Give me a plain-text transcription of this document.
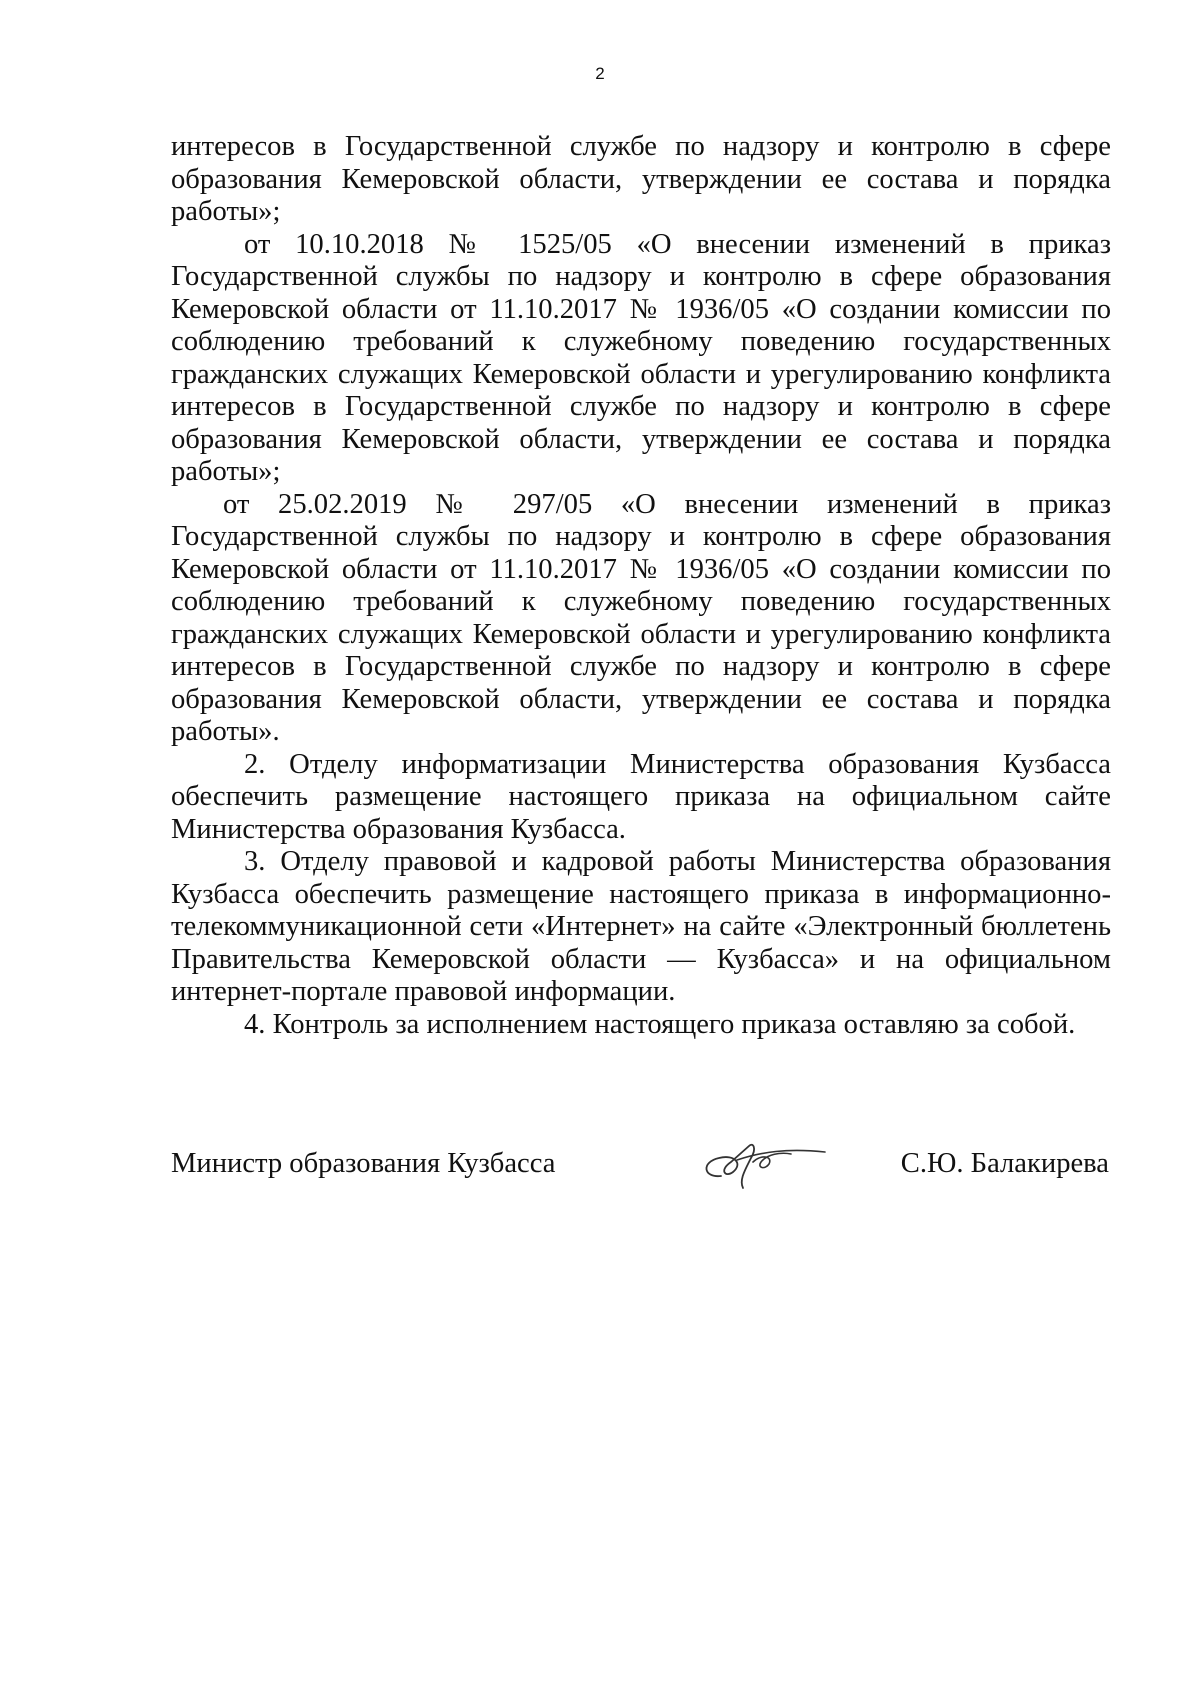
2

интересов в Государственной службе по надзору и контролю в сфере образования Кемеровской области, утверждении ее состава и порядка работы»;

от 10.10.2018 № 1525/05 «О внесении изменений в приказ Государственной службы по надзору и контролю в сфере образования Кемеровской области от 11.10.2017 № 1936/05 «О создании комиссии по соблюдению требований к служебному поведению государственных гражданских служащих Кемеровской области и урегулированию конфликта интересов в Государственной службе по надзору и контролю в сфере образования Кемеровской области, утверждении ее состава и порядка работы»;

от 25.02.2019 № 297/05 «О внесении изменений в приказ Государственной службы по надзору и контролю в сфере образования Кемеровской области от 11.10.2017 № 1936/05 «О создании комиссии по соблюдению требований к служебному поведению государственных гражданских служащих Кемеровской области и урегулированию конфликта интересов в Государственной службе по надзору и контролю в сфере образования Кемеровской области, утверждении ее состава и порядка работы».

2. Отделу информатизации Министерства образования Кузбасса обеспечить размещение настоящего приказа на официальном сайте Министерства образования Кузбасса.

3. Отделу правовой и кадровой работы Министерства образования Кузбасса обеспечить размещение настоящего приказа в информационно-телекоммуникационной сети «Интернет» на сайте «Электронный бюллетень Правительства Кемеровской области — Кузбасса» и на официальном интернет-портале правовой информации.

4. Контроль за исполнением настоящего приказа оставляю за собой.

Министр образования Кузбасса	С.Ю. Балакирева
